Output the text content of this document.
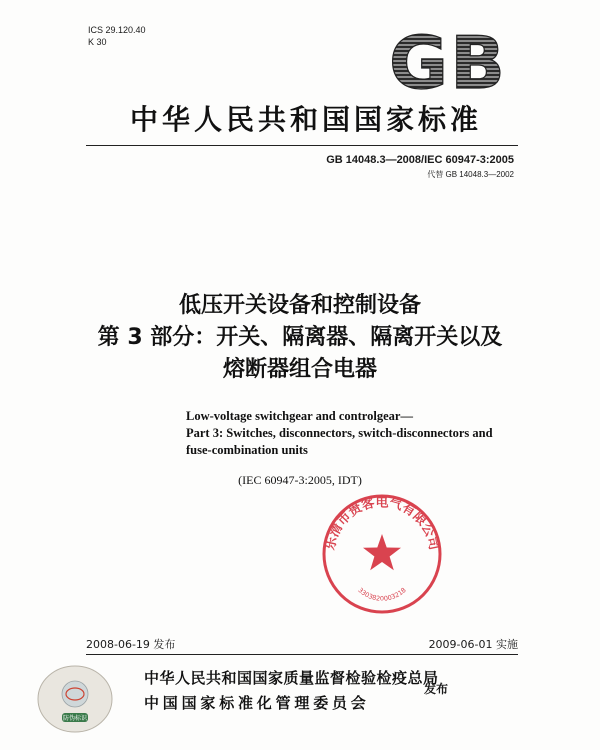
ICS 29.120.40
K 30	GB
中华人民共和国国家标准
GB 14048.3—2008/IEC 60947-3:2005
代替 GB 14048.3—2002
低压开关设备和控制设备
第 3 部分：开关、隔离器、隔离开关以及
熔断器组合电器
Low-voltage switchgear and controlgear—
Part 3: Switches, disconnectors, switch-disconnectors and
fuse-combination units
(IEC 60947-3:2005, IDT)
乐清市贵客电气有限公司
3303820003218
2008-06-19 发布	2009-06-01 实施
防伪标识
中华人民共和国国家质量监督检验检疫总局
中国国家标准化管理委员会
发布
